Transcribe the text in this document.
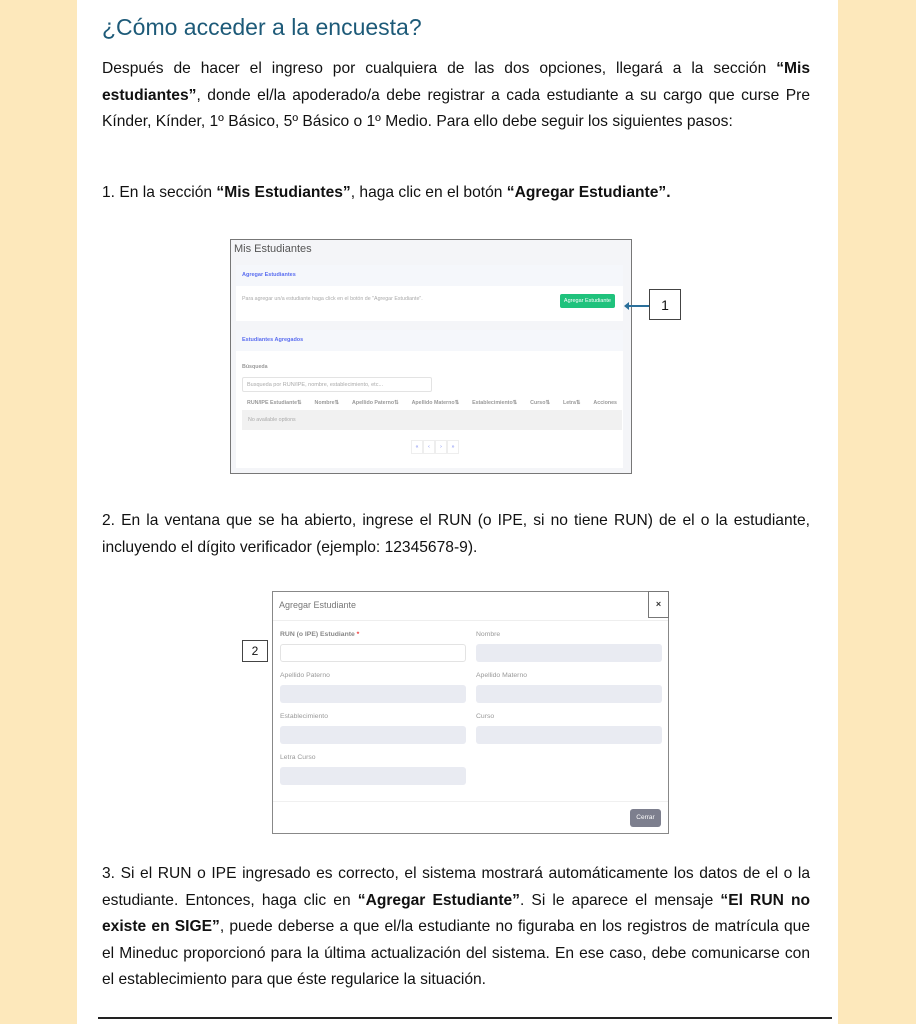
¿Cómo acceder a la encuesta?

Después de hacer el ingreso por cualquiera de las dos opciones, llegará a la sección “Mis estudiantes”, donde el/la apoderado/a debe registrar a cada estudiante a su cargo que curse Pre Kínder, Kínder, 1º Básico, 5º Básico o 1º Medio. Para ello debe seguir los siguientes pasos:

1. En la sección “Mis Estudiantes”, haga clic en el botón “Agregar Estudiante”.

Mis Estudiantes
Agregar Estudiantes
Para agregar un/a estudiante haga click en el botón de "Agregar Estudiante".	Agregar Estudiante
Estudiantes Agregados
Búsqueda
Busqueda por RUN/IPE, nombre, establecimiento, etc...
RUN/IPE Estudiante⇅ Nombre⇅ Apellido Paterno⇅ Apellido Materno⇅ Establecimiento⇅ Curso⇅ Letra⇅ Acciones
No available options
«	‹	›	»
1

2. En la ventana que se ha abierto, ingrese el RUN (o IPE, si no tiene RUN) de el o la estudiante, incluyendo el dígito verificador (ejemplo: 12345678-9).

2
Agregar Estudiante	×
RUN (o IPE) Estudiante *	Nombre
Apellido Paterno	Apellido Materno
Establecimiento	Curso
Letra Curso
Cerrar

3. Si el RUN o IPE ingresado es correcto, el sistema mostrará automáticamente los datos de el o la estudiante. Entonces, haga clic en “Agregar Estudiante”. Si le aparece el mensaje “El RUN no existe en SIGE”, puede deberse a que el/la estudiante no figuraba en los registros de matrícula que el Mineduc proporcionó para la última actualización del sistema. En ese caso, debe comunicarse con el establecimiento para que éste regularice la situación.
